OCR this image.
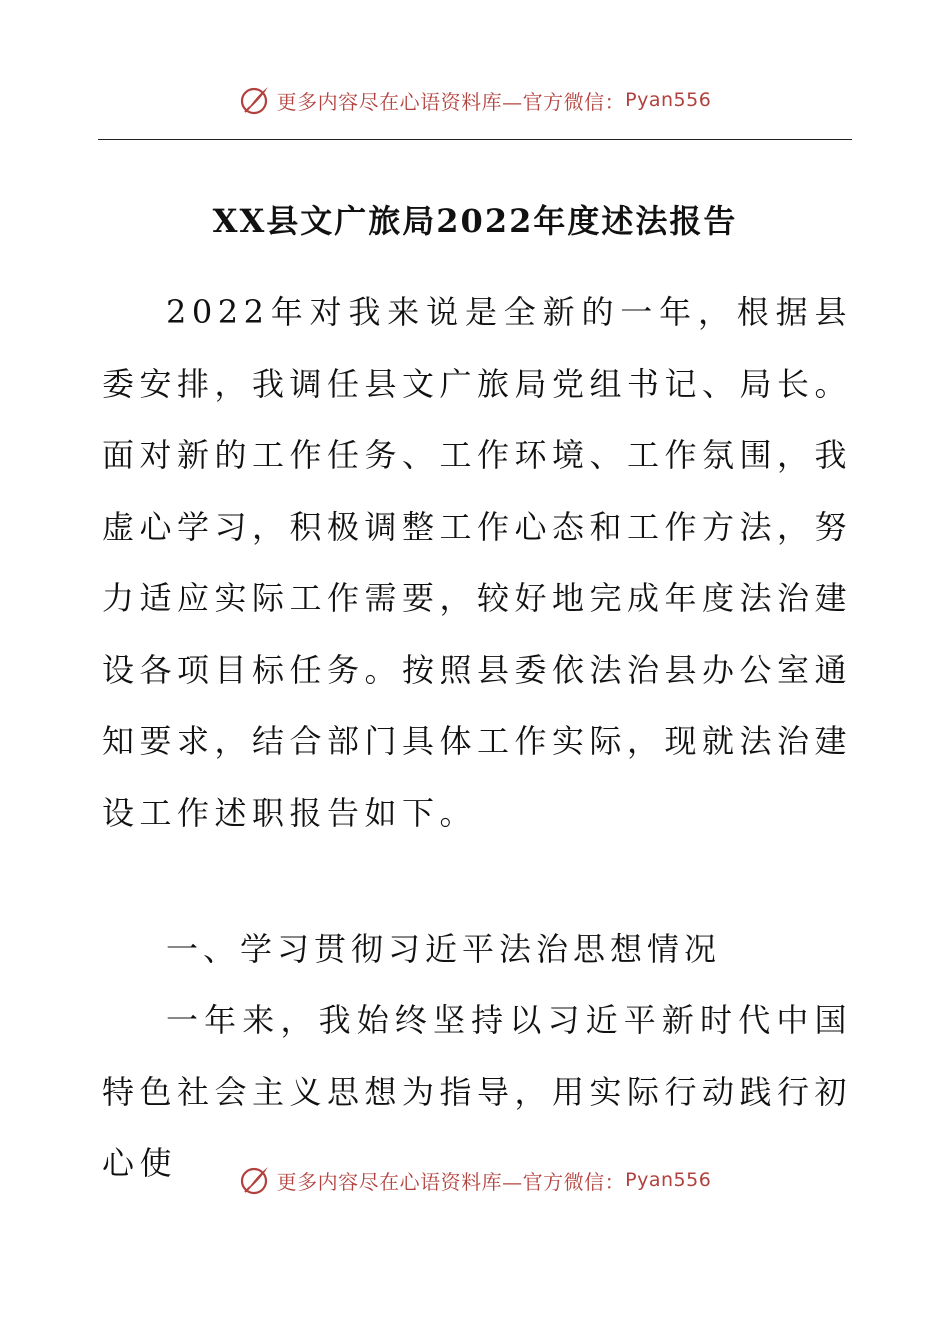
更多内容尽在心语资料库—官方微信： Pyan556
XX县文广旅局2022年度述法报告

2022年对我来说是全新的一年，根据县委安排，我调任县文广旅局党组书记、局长。面对新的工作任务、工作环境、工作氛围，我虚心学习，积极调整工作心态和工作方法，努力适应实际工作需要，较好地完成年度法治建设各项目标任务。按照县委依法治县办公室通知要求，结合部门具体工作实际，现就法治建设工作述职报告如下。

一、学习贯彻习近平法治思想情况

一年来，我始终坚持以习近平新时代中国特色社会主义思想为指导，用实际行动践行初心使	更多内容尽在心语资料库—官方微信： Pyan556
